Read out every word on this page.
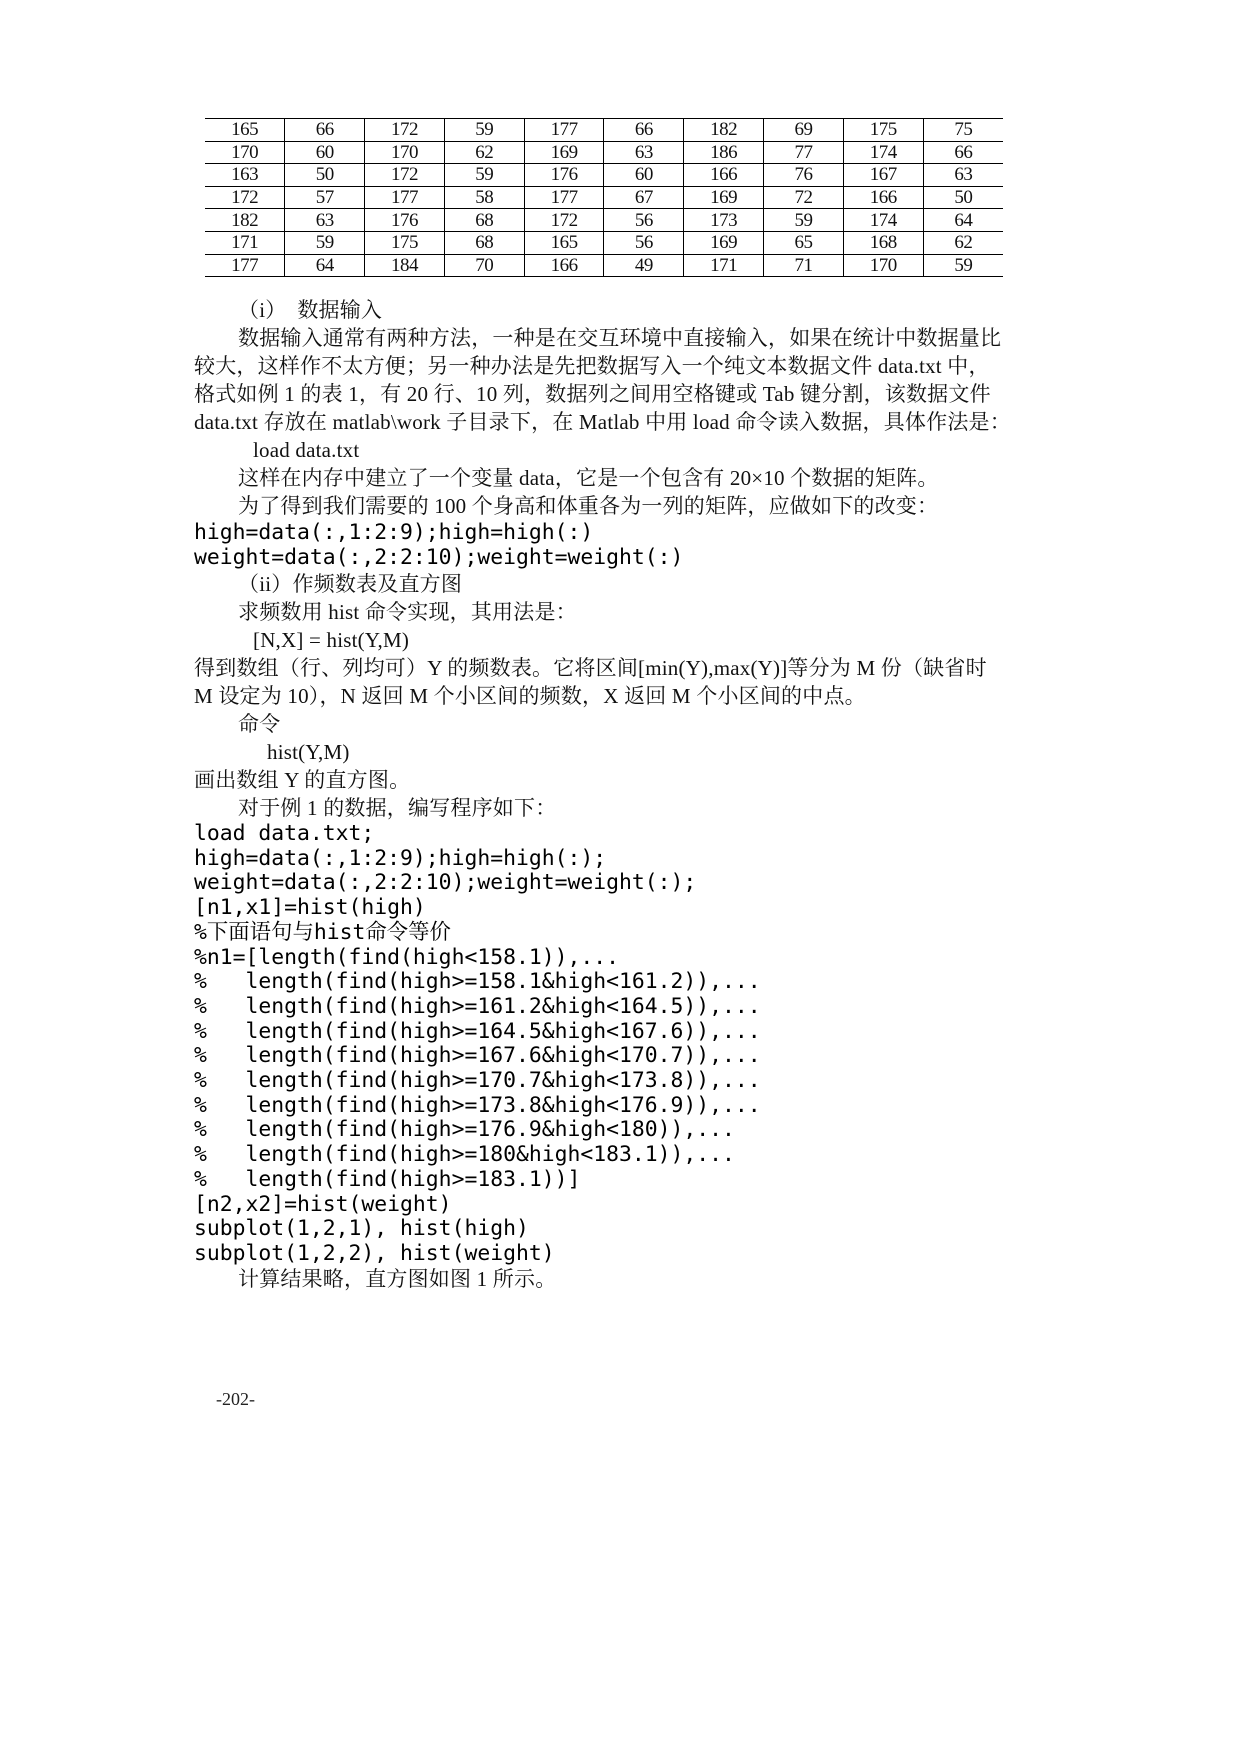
165	66	172	59	177	66	182	69	175	75
170	60	170	62	169	63	186	77	174	66
163	50	172	59	176	60	166	76	167	63
172	57	177	58	177	67	169	72	166	50
182	63	176	68	172	56	173	59	174	64
171	59	175	68	165	56	169	65	168	62
177	64	184	70	166	49	171	71	170	59
（i）  数据输入
数据输入通常有两种方法，一种是在交互环境中直接输入，如果在统计中数据量比
较大，这样作不太方便；另一种办法是先把数据写入一个纯文本数据文件 data.txt 中，
格式如例 1 的表 1，有 20 行、10 列，数据列之间用空格键或 Tab 键分割，该数据文件
data.txt 存放在 matlab\work 子目录下，在 Matlab 中用 load 命令读入数据，具体作法是：
load data.txt
这样在内存中建立了一个变量 data，它是一个包含有 20×10 个数据的矩阵。
为了得到我们需要的 100 个身高和体重各为一列的矩阵，应做如下的改变：
high=data(:,1:2:9);high=high(:)
weight=data(:,2:2:10);weight=weight(:)
（ii）作频数表及直方图
求频数用 hist 命令实现，其用法是：
[N,X] = hist(Y,M)
得到数组（行、列均可）Y 的频数表。它将区间[min(Y),max(Y)]等分为 M 份（缺省时
M 设定为 10），N 返回 M 个小区间的频数，X 返回 M 个小区间的中点。
命令
hist(Y,M)
画出数组 Y 的直方图。
对于例 1 的数据，编写程序如下：
load data.txt;
high=data(:,1:2:9);high=high(:);
weight=data(:,2:2:10);weight=weight(:);
[n1,x1]=hist(high)
%下面语句与hist命令等价
%n1=[length(find(high<158.1)),...
%   length(find(high>=158.1&high<161.2)),...
%   length(find(high>=161.2&high<164.5)),...
%   length(find(high>=164.5&high<167.6)),...
%   length(find(high>=167.6&high<170.7)),...
%   length(find(high>=170.7&high<173.8)),...
%   length(find(high>=173.8&high<176.9)),...
%   length(find(high>=176.9&high<180)),...
%   length(find(high>=180&high<183.1)),...
%   length(find(high>=183.1))]
[n2,x2]=hist(weight)
subplot(1,2,1), hist(high)
subplot(1,2,2), hist(weight)
计算结果略，直方图如图 1 所示。
-202-
